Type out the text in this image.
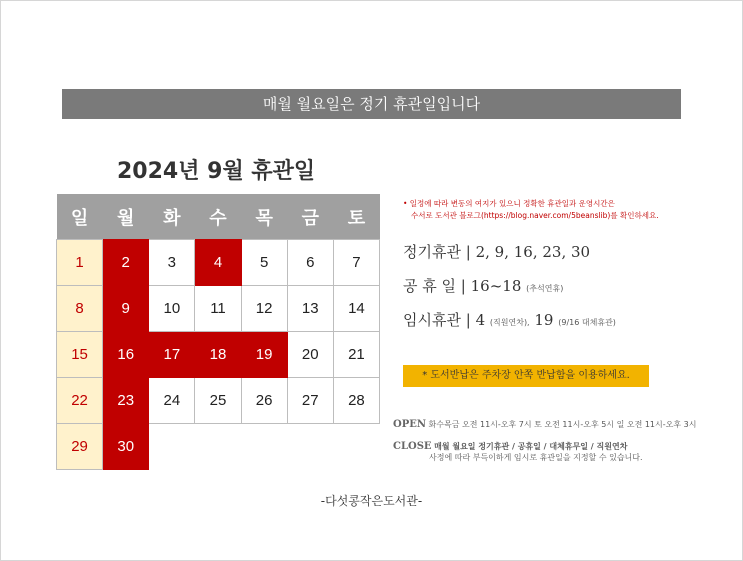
매월 월요일은 정기 휴관일입니다
2024년 9월 휴관일
일	월	화	수	목	금	토
1	2	3	4	5	6	7
8	9	10	11	12	13	14
15	16	17	18	19	20	21
22	23	24	25	26	27	28
29	30					
• 일정에 따라 변동의 여지가 있으니 정확한 휴관일과 운영시간은
수서로 도서관 블로그(https://blog.naver.com/5beanslib)를 확인하세요.
정기휴관 | 2, 9, 16, 23, 30
공 휴 일 | 16~18 (추석연휴)
임시휴관 | 4 (직원연차), 19 (9/16 대체휴관)
* 도서반납은 주차장 안쪽 반납함을 이용하세요.
OPEN 화수목금 오전 11시-오후 7시 토 오전 11시-오후 5시 일 오전 11시-오후 3시
CLOSE 매월 월요일 정기휴관 / 공휴일 / 대체휴무일 / 직원연차
사정에 따라 부득이하게 임시로 휴관일을 지정할 수 있습니다.
-다섯콩작은도서관-
